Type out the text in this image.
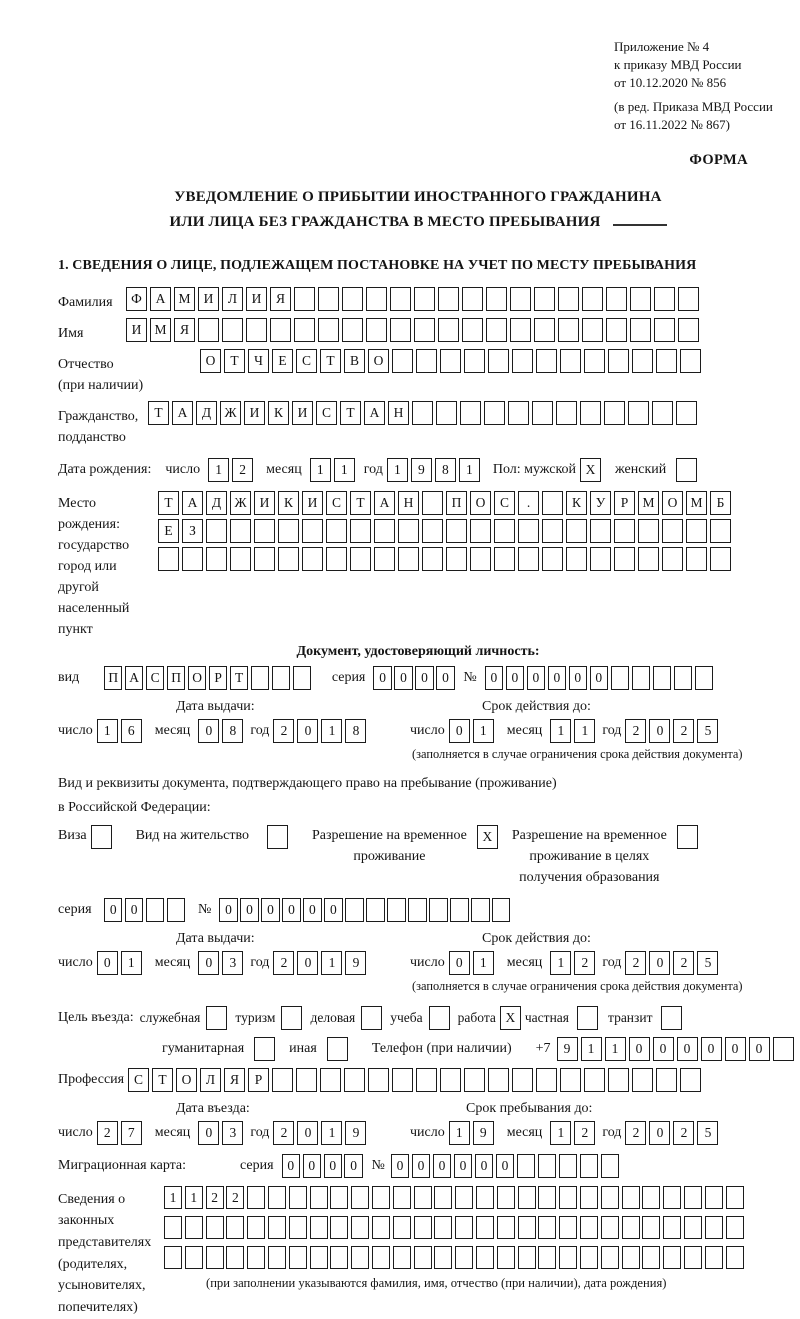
Приложение № 4
к приказу МВД России
от 10.12.2020 № 856
(в ред. Приказа МВД России
от 16.11.2022 № 867)
ФОРМА
УВЕДОМЛЕНИЕ О ПРИБЫТИИ ИНОСТРАННОГО ГРАЖДАНИНА
ИЛИ ЛИЦА БЕЗ ГРАЖДАНСТВА В МЕСТО ПРЕБЫВАНИЯ
1. СВЕДЕНИЯ О ЛИЦЕ, ПОДЛЕЖАЩЕМ ПОСТАНОВКЕ НА УЧЕТ ПО МЕСТУ ПРЕБЫВАНИЯ
Фамилия	Ф	А М И	Л	И	Я
Имя	И М Я
Отчество
(при наличии)
О	Т	Ч	Е	С	Т	В	О
Гражданство,
подданство
Т	А	Д Ж И	К	И	С	Т	А	Н
Дата рождения: число	1	2	месяц	1	1	год 1	9	8	1	Пол: мужской X	женский
Место рождения:
государство
город или другой
населенный пункт
Т	А	Д Ж И	К	И	С	Т	А	Н	П	О	С	.	К	У	Р	М О М	Б
Е	З
Документ, удостоверяющий личность:
вид	П А С П О Р Т	серия	0	0	0	0	№	0	0	0	0	0	0
Дата выдачи:
число 1	6	месяц	0	8	год 2	0	1	8
Срок действия до:
число 0	1	месяц	1	1	год 2	0	2	5
(заполняется в случае ограничения срока действия документа)
Вид и реквизиты документа, подтверждающего право на пребывание (проживание)
в Российской Федерации:
Виза	Вид на жительство	Разрешение на временное
проживание
X	Разрешение на временное
проживание в целях
получения образования
серия	0	0	№	0	0	0	0	0	0
Дата выдачи:
число 0	1	месяц	0	3	год 2	0	1	9
Срок действия до:
число 0	1	месяц	1	2	год 2	0	2	5
(заполняется в случае ограничения срока действия документа)
Цель въезда: служебная	туризм	деловая	учеба	работа X частная	транзит
гуманитарная	иная	Телефон (при наличии) +7 9	1	1	0	0	0	0	0	0
Профессия С	Т	О	Л	Я	Р
Дата въезда:
число 2	7	месяц	0	3	год 2	0	1	9
Срок пребывания до:
число 1	9	месяц	1	2	год 2	0	2	5
Миграционная карта:	серия	0	0	0	0	№ 0	0	0	0	0	0
Сведения о
законных
представителях
(родителях,
усыновителях,
попечителях)
1	1	2	2
(при заполнении указываются фамилия, имя, отчество (при наличии), дата рождения)
